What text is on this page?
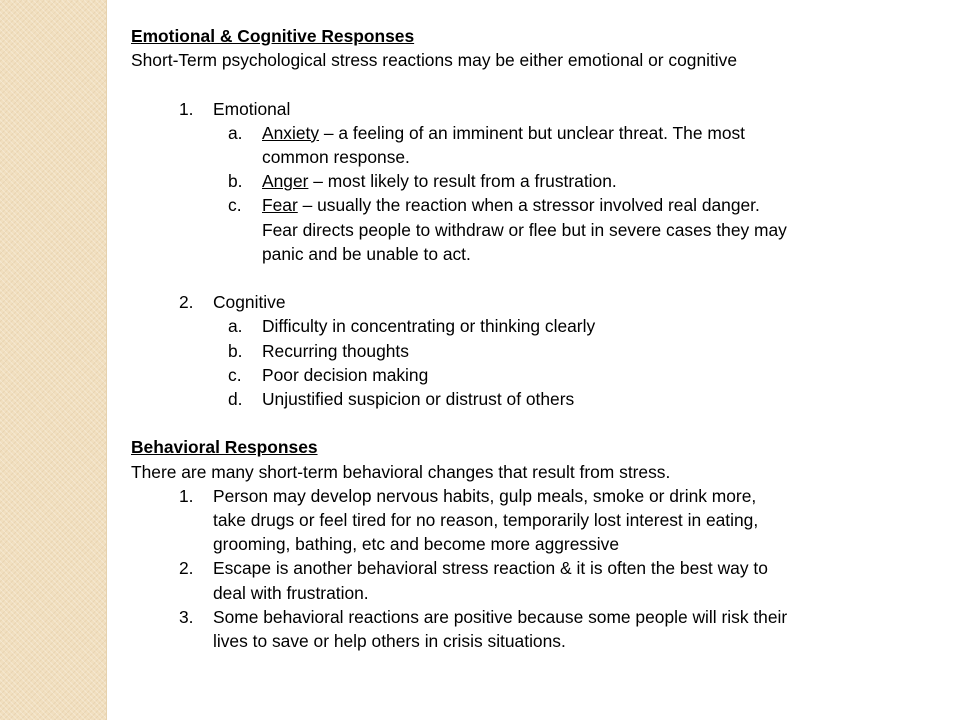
Emotional & Cognitive Responses
Short-Term psychological stress reactions may be either emotional or cognitive
1.	Emotional
a.	Anxiety – a feeling of an imminent but unclear threat. The most
common response.
b.	Anger – most likely to result from a frustration.
c.	Fear – usually the reaction when a stressor involved real danger.
Fear directs people to withdraw or flee but in severe cases they may
panic and be unable to act.
2.	Cognitive
a.	Difficulty in concentrating or thinking clearly
b.	Recurring thoughts
c.	Poor decision making
d.	Unjustified suspicion or distrust of others
Behavioral Responses
There are many short-term behavioral changes that result from stress.
1.	Person may develop nervous habits, gulp meals, smoke or drink more,
take drugs or feel tired for no reason, temporarily lost interest in eating,
grooming, bathing, etc and become more aggressive
2.	Escape is another behavioral stress reaction & it is often the best way to
deal with frustration.
3.	Some behavioral reactions are positive because some people will risk their
lives to save or help others in crisis situations.
